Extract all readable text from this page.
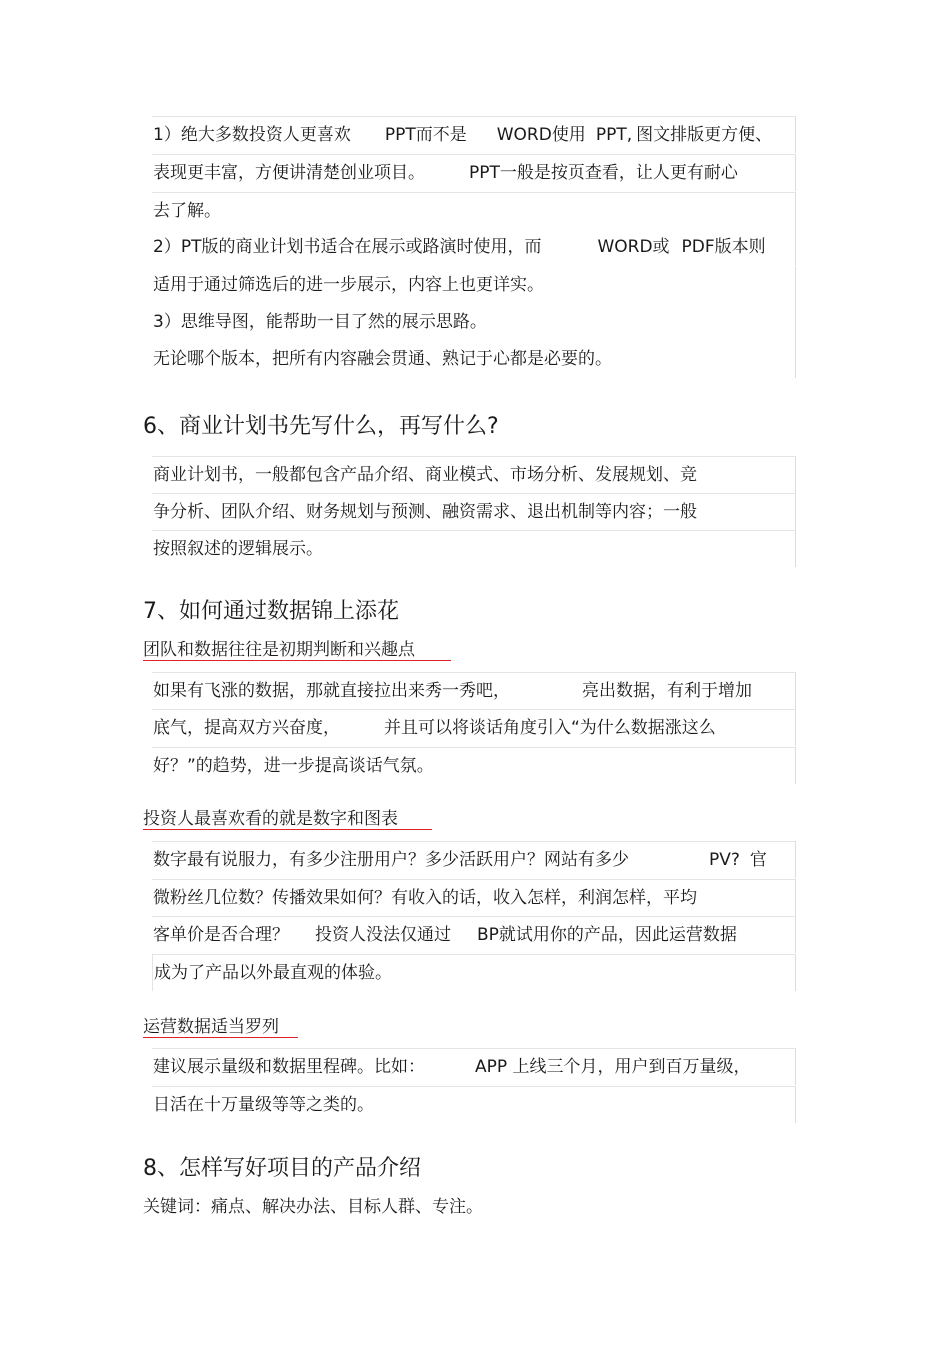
1）绝大多数投资人更喜欢 PPT而不是 WORD使用 PPT, 图文排版更方便、
表现更丰富，方便讲清楚创业项目。	PPT一般是按页查看，让人更有耐心
去了解。
2）PT版的商业计划书适合在展示或路演时使用，而	WORD或 PDF版本则
适用于通过筛选后的进一步展示，内容上也更详实。
3）思维导图，能帮助一目了然的展示思路。
无论哪个版本，把所有内容融会贯通、熟记于心都是必要的。
6、商业计划书先写什么，再写什么?
商业计划书，一般都包含产品介绍、商业模式、市场分析、发展规划、竞
争分析、团队介绍、财务规划与预测、融资需求、退出机制等内容；一般
按照叙述的逻辑展示。
7、如何通过数据锦上添花
团队和数据往往是初期判断和兴趣点
如果有飞涨的数据，那就直接拉出来秀一秀吧，	亮出数据，有利于增加
底气，提高双方兴奋度，	并且可以将谈话角度引入“为什么数据涨这么
好？”的趋势，进一步提高谈话气氛。
投资人最喜欢看的就是数字和图表
数字最有说服力，有多少注册用户？多少活跃用户？网站有多少	PV? 官
微粉丝几位数？传播效果如何？有收入的话，收入怎样，利润怎样，平均
客单价是否合理？ 投资人没法仅通过 BP就试用你的产品，因此运营数据
成为了产品以外最直观的体验。
运营数据适当罗列
建议展示量级和数据里程碑。比如：	APP 上线三个月，用户到百万量级，
日活在十万量级等等之类的。
8、怎样写好项目的产品介绍
关键词：痛点、解决办法、目标人群、专注。
